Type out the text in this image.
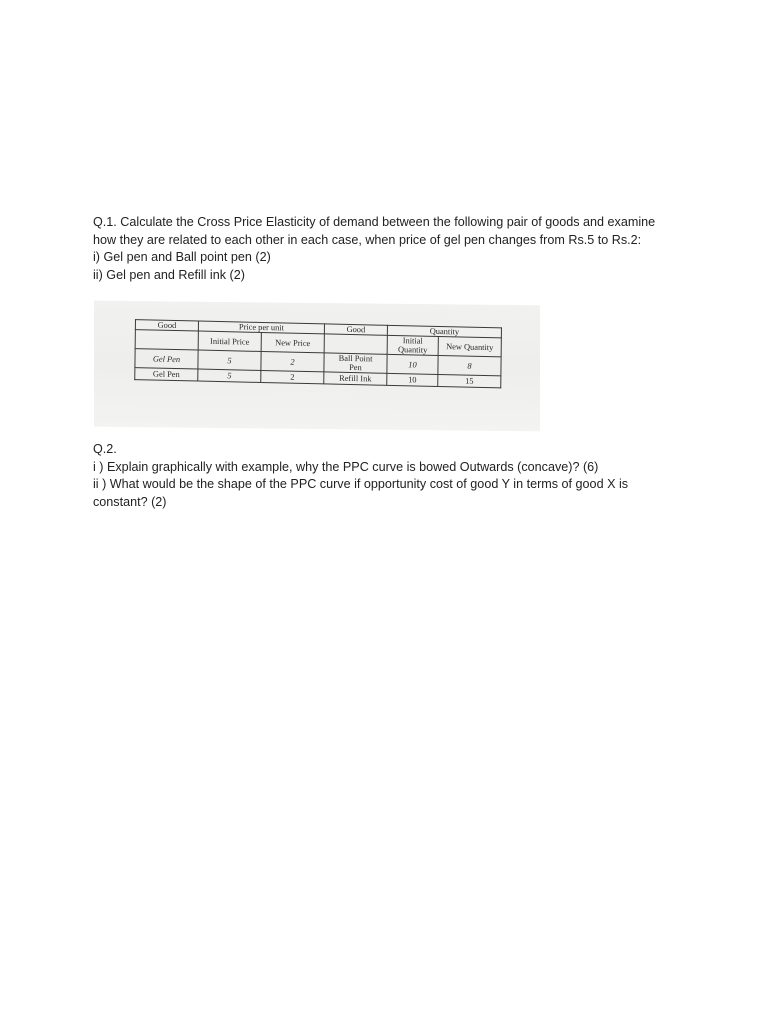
Q.1. Calculate the Cross Price Elasticity of demand between the following pair of goods and examine
how they are related to each other in each case, when price of gel pen changes from Rs.5 to Rs.2:
i) Gel pen and Ball point pen (2)
ii) Gel pen and Refill ink (2)
Good	Price per unit		Good	Quantity	
	Initial Price	New Price		Initial
Quantity	New Quantity
Gel Pen	5	2	Ball Point
Pen	10	8
Gel Pen	5	2	Refill Ink	10	15
Q.2.
i ) Explain graphically with example, why the PPC curve is bowed Outwards (concave)? (6)
ii ) What would be the shape of the PPC curve if opportunity cost of good Y in terms of good X is
constant? (2)
